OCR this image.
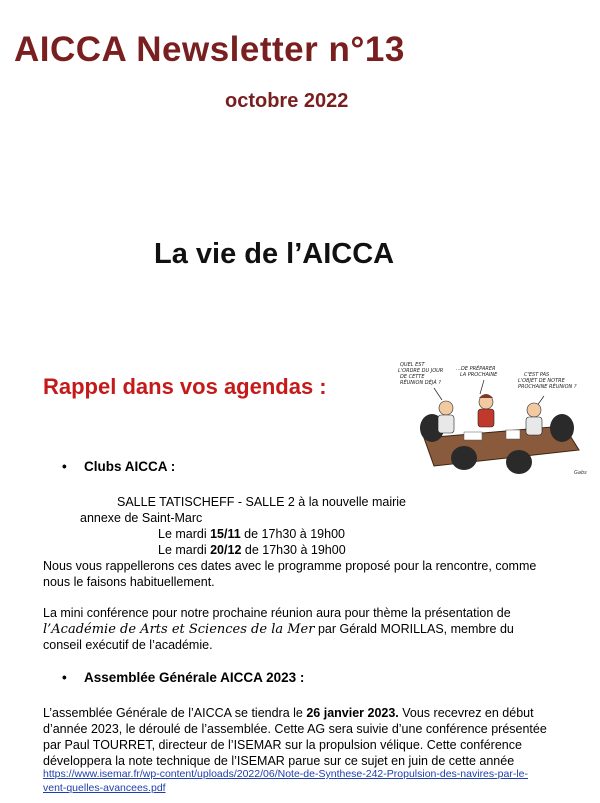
AICCA Newsletter n°13
octobre 2022
La vie de l’AICCA
Rappel dans vos agendas :
QUEL EST L'ORDRE DU JOUR DE CETTE RÉUNION DÉJÀ ?
…DE PRÉPARER LA PROCHAINE	C'EST PAS L'OBJET DE NOTRE PROCHAINE RÉUNION ?
Gabs
• Clubs AICCA :
SALLE TATISCHEFF - SALLE 2 à la nouvelle mairie
annexe de Saint-Marc
Le mardi 15/11 de 17h30 à 19h00
Le mardi 20/12 de 17h30 à 19h00
Nous vous rappellerons ces dates avec le programme proposé pour la rencontre, comme
nous le faisons habituellement.
La mini conférence pour notre prochaine réunion aura pour thème la présentation de
l’Académie de Arts et Sciences de la Mer par Gérald MORILLAS, membre du
conseil exécutif de l’académie.
• Assemblée Générale AICCA 2023 :
L’assemblée Générale de l’AICCA se tiendra le 26 janvier 2023. Vous recevrez en début
d’année 2023, le déroulé de l’assemblée. Cette AG sera suivie d’une conférence présentée
par Paul TOURRET, directeur de l’ISEMAR sur la propulsion vélique. Cette conférence
développera la note technique de l’ISEMAR parue sur ce sujet en juin de cette année
https://www.isemar.fr/wp-content/uploads/2022/06/Note-de-Synthese-242-Propulsion-des-navires-par-le-
vent-quelles-avancees.pdf
